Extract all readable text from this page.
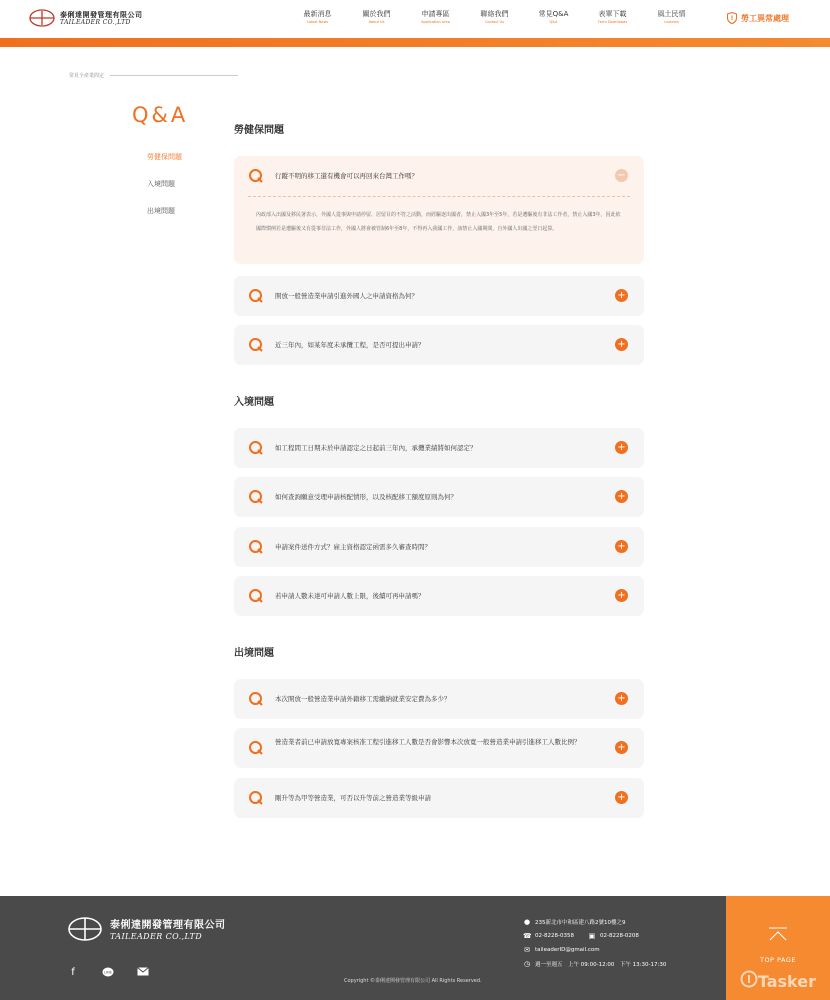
泰俐達開發管理有限公司
TAILEADER CO.,LTD
最新消息
Latest News
關於我們
About Us
申請專區
Application Area
聯絡我們
Contact Us
常見Q&A
Q&A
表單下載
Form Downloads
風土民情
customs	! 勞工異常處理
常見全產業問定
Q&A
勞健保問題
入境問題
出境問題
勞健保問題
行蹤不明的移工還有機會可以再回來台灣工作嗎？	−
內政部入出國及移民署表示，外國人從事與申請停留、居留目的不符之活動，而經驅逐出國者，禁止入國3年至5年，若是遭驅後有非法工作者，禁止入國3年，因此依國際慣例若是遭驅後又有從事非法工作，外國人將會被管制6年至8年，不得再入我國工作，該禁止入國期間，自外國人出國之翌日起算。
開放一般營造業申請引進外國人之申請資格為何？	+
近三年內，如某年度未承攬工程，是否可提出申請？	+
入境問題
如工程間工日期未於申請認定之日起前三年內，承攬業績將如何認定？	+
如何查詢願意受理申請核配情形，以及核配移工額度原則為何？	+
申請案件送件方式？雇主資格認定函需多久審查時間？	+
若申請人數未達可申請人數上限，後續可再申請嗎？	+
出境問題
本次開放一般營造業申請外籍移工需繳納就業安定費為多少？	+
營造業者前已申請放寬專案核准工程引進移工人數是否會影響本次放寬一般營造業申請引進移工人數比例？	+
剛升等為甲等營造業，可否以升等前之營造業等級申請	+
泰俐達開發管理有限公司
TAILEADER CO.,LTD
f	LINE
Copyright ©泰俐達開發管理有限公司 All Rights Reserved.
● 235新北市中和區建八路2號10樓之9
☎ 02-8228-0358 ▣ 02-8228-0208
✉ taileaderID@gmail.com
◷ 週一至週五　上午 09:00-12:00　下午 13:30-17:30
TOP PAGE
Tasker
